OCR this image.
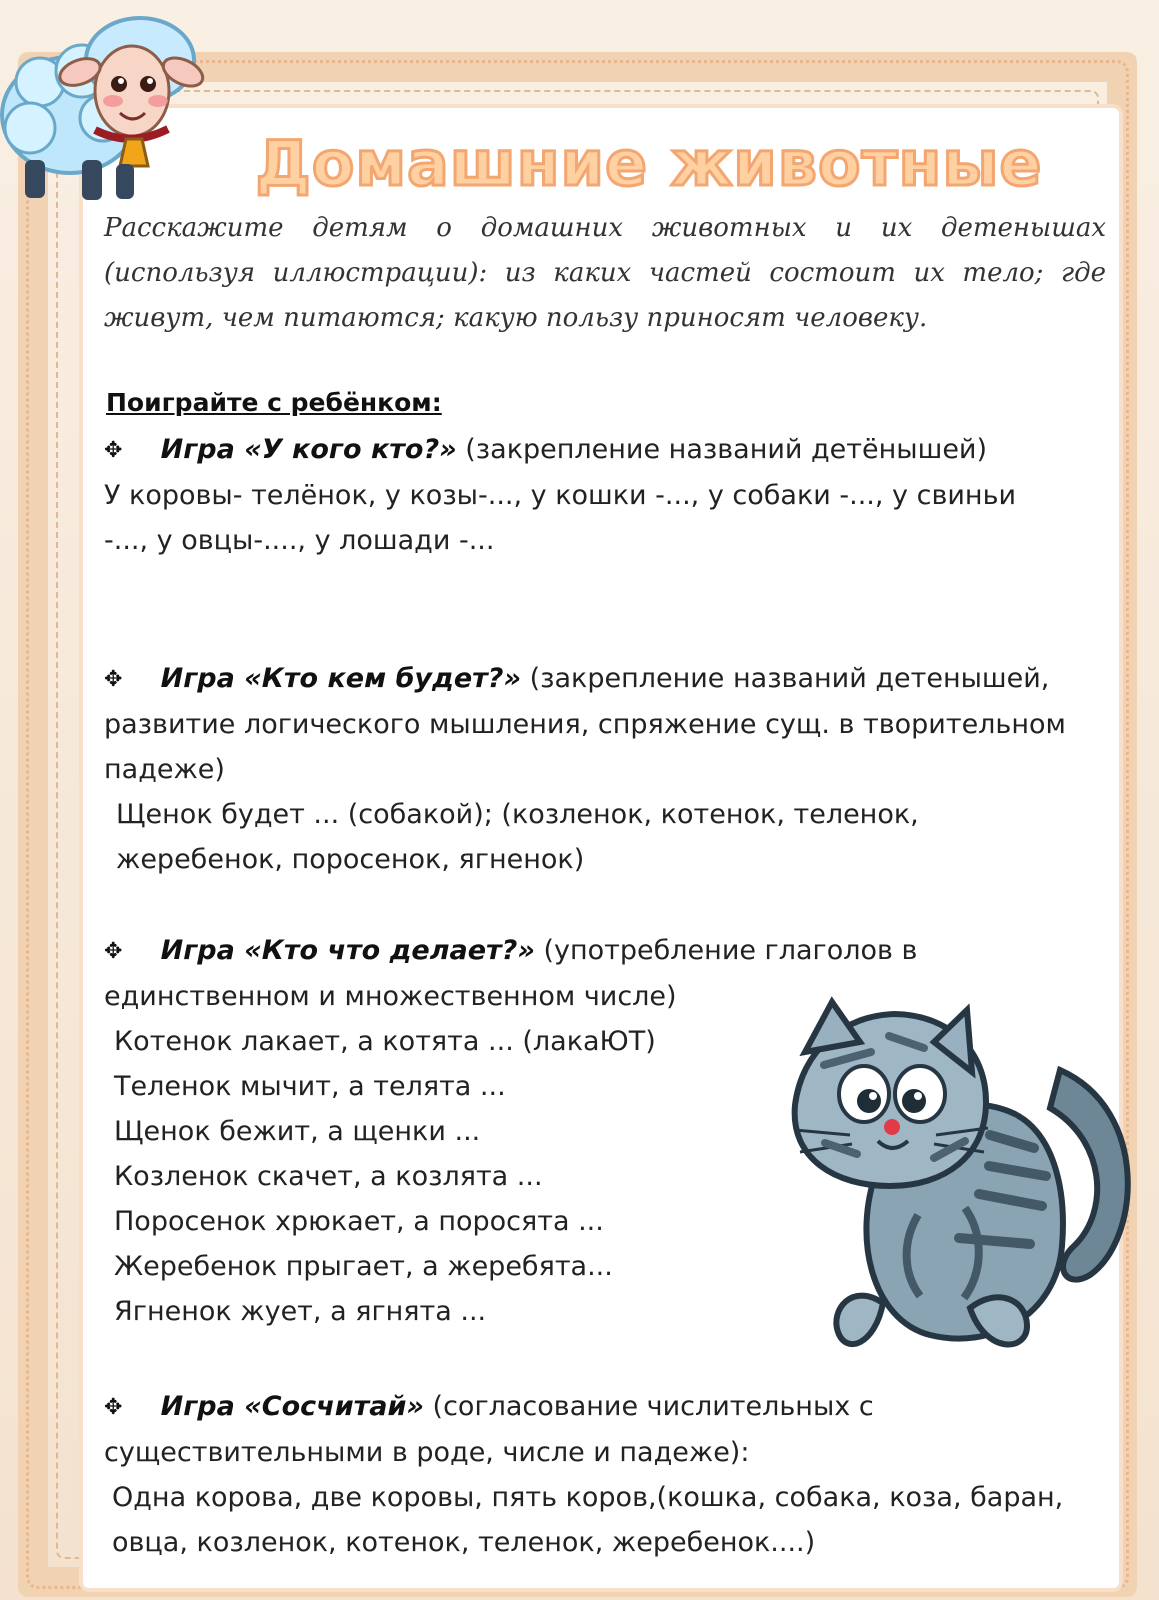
Домашние животные
Расскажите детям о домашних животных и их детенышах (используя иллюстрации): из каких частей состоит их тело; где живут, чем питаются; какую пользу приносят человеку.
Поиграйте с ребёнком:
✥ Игра «У кого кто?» (закрепление названий детёнышей)
У коровы- телёнок, у козы-..., у кошки -..., у собаки -..., у свиньи -..., у овцы-...., у лошади -...
✥ Игра «Кто кем будет?» (закрепление названий детенышей, развитие логического мышления, спряжение сущ. в творительном падеже)
Щенок будет ... (собакой); (козленок, котенок, теленок, жеребенок, поросенок, ягненок)
✥ Игра «Кто что делает?» (употребление глаголов в единственном и множественном числе)
Котенок лакает, а котята ... (лакаЮТ)
Теленок мычит, а телята ...
Щенок бежит, а щенки ...
Козленок скачет, а козлята ...
Поросенок хрюкает, а поросята ...
Жеребенок прыгает, а жеребята...
Ягненок жует, а ягнята ...
✥ Игра «Сосчитай» (согласование числительных с существительными в роде, числе и падеже):
Одна корова, две коровы, пять коров,(кошка, собака, коза, баран, овца, козленок, котенок, теленок, жеребенок....)
